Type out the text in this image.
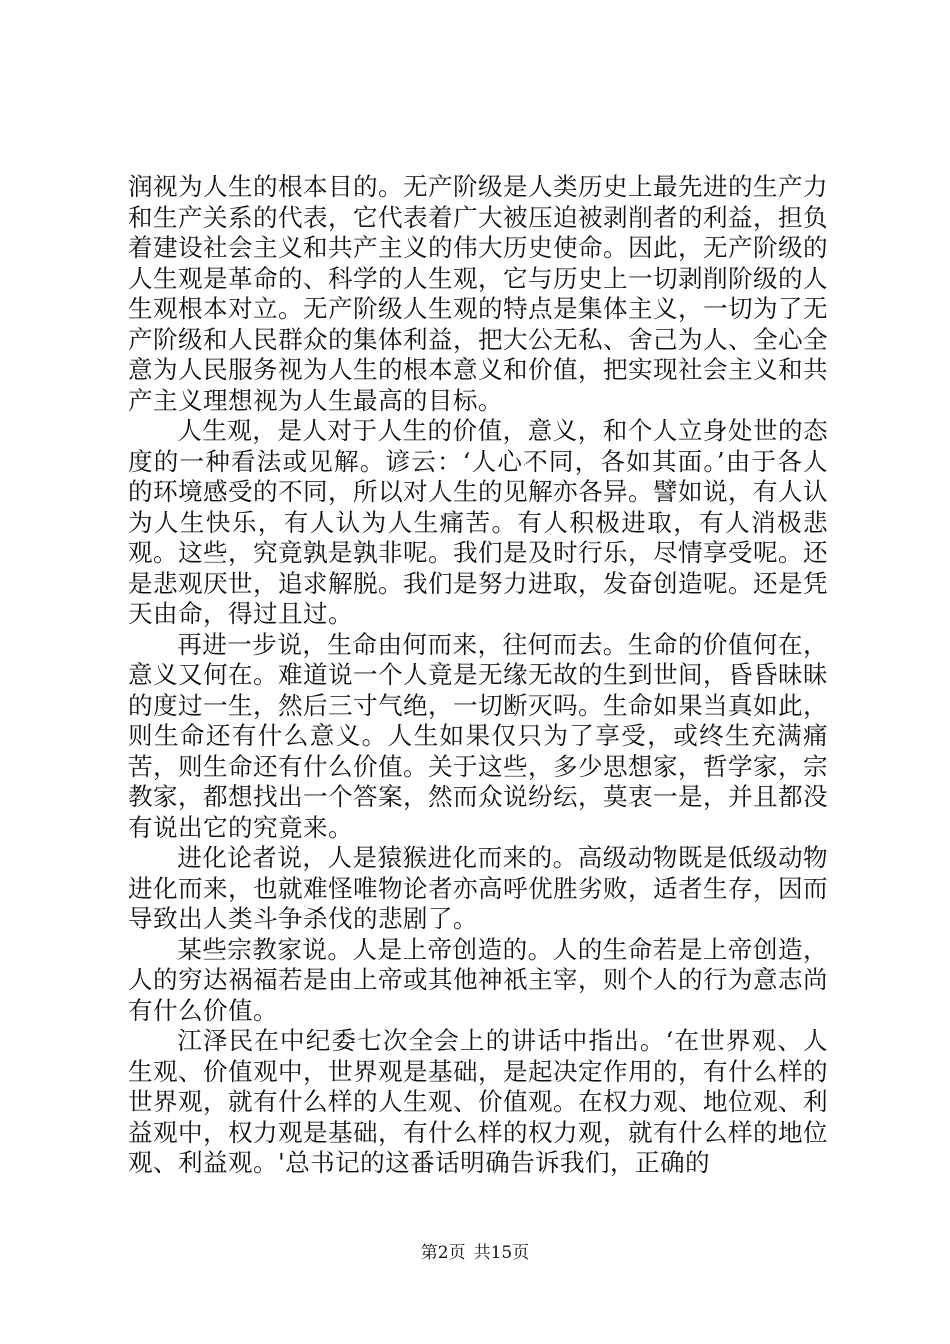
润视为人生的根本目的。无产阶级是人类历史上最先进的生产力和生产关系的代表，它代表着广大被压迫被剥削者的利益，担负着建设社会主义和共产主义的伟大历史使命。因此，无产阶级的人生观是革命的、科学的人生观，它与历史上一切剥削阶级的人生观根本对立。无产阶级人生观的特点是集体主义，一切为了无产阶级和人民群众的集体利益，把大公无私、舍己为人、全心全意为人民服务视为人生的根本意义和价值，把实现社会主义和共产主义理想视为人生最高的目标。

人生观，是人对于人生的价值，意义，和个人立身处世的态度的一种看法或见解。谚云：‘人心不同，各如其面。’由于各人的环境感受的不同，所以对人生的见解亦各异。譬如说，有人认为人生快乐，有人认为人生痛苦。有人积极进取，有人消极悲观。这些，究竟孰是孰非呢。我们是及时行乐，尽情享受呢。还是悲观厌世，追求解脱。我们是努力进取，发奋创造呢。还是凭天由命，得过且过。

再进一步说，生命由何而来，往何而去。生命的价值何在，意义又何在。难道说一个人竟是无缘无故的生到世间，昏昏昧昧的度过一生，然后三寸气绝，一切断灭吗。生命如果当真如此，则生命还有什么意义。人生如果仅只为了享受，或终生充满痛苦，则生命还有什么价值。关于这些，多少思想家，哲学家，宗教家，都想找出一个答案，然而众说纷纭，莫衷一是，并且都没有说出它的究竟来。

进化论者说，人是猿猴进化而来的。高级动物既是低级动物进化而来，也就难怪唯物论者亦高呼优胜劣败，适者生存，因而导致出人类斗争杀伐的悲剧了。

某些宗教家说。人是上帝创造的。人的生命若是上帝创造，人的穷达祸福若是由上帝或其他神祇主宰，则个人的行为意志尚有什么价值。

江泽民在中纪委七次全会上的讲话中指出。‘在世界观、人生观、价值观中，世界观是基础，是起决定作用的，有什么样的世界观，就有什么样的人生观、价值观。在权力观、地位观、利益观中，权力观是基础，有什么样的权力观，就有什么样的地位观、利益观。'总书记的这番话明确告诉我们，正确的

第2页 共15页
